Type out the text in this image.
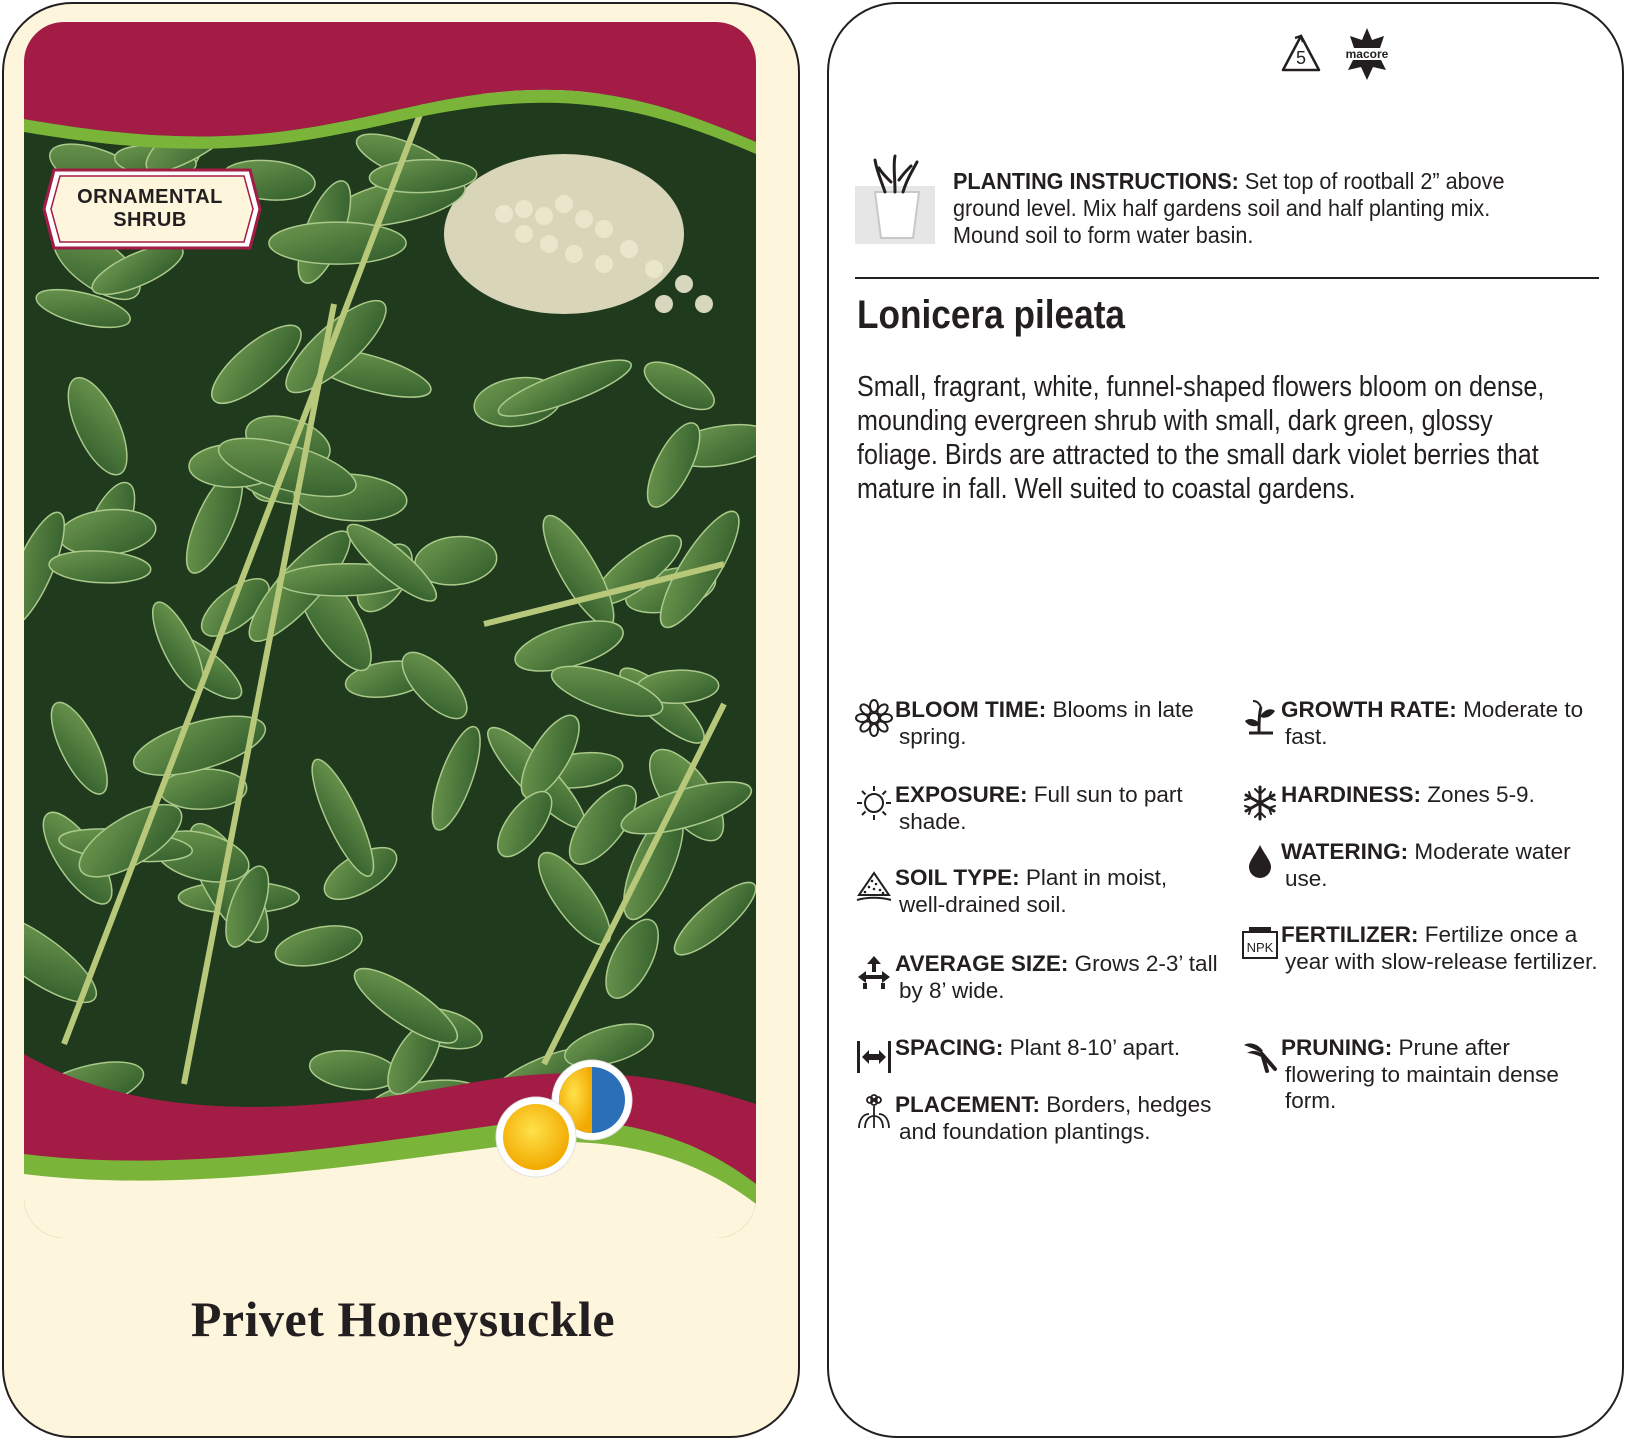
ORNAMENTAL
SHRUB
Privet Honeysuckle
5	macore
PLANTING INSTRUCTIONS: Set top of rootball 2” above ground level. Mix half gardens soil and half planting mix. Mound soil to form water basin.
Lonicera pileata
Small, fragrant, white, funnel-shaped flowers bloom on dense, mounding evergreen shrub with small, dark green, glossy foliage. Birds are attracted to the small dark violet berries that mature in fall. Well suited to coastal gardens.
BLOOM TIME: Blooms in late spring.
EXPOSURE: Full sun to part shade.
SOIL TYPE: Plant in moist, well-drained soil.
AVERAGE SIZE: Grows 2-3’ tall by 8’ wide.
SPACING: Plant 8-10’ apart.
PLACEMENT: Borders, hedges and foundation plantings.
GROWTH RATE: Moderate to fast.
HARDINESS: Zones 5-9.
WATERING: Moderate water use.
NPK
FERTILIZER: Fertilize once a year with slow-release fertilizer.
PRUNING: Prune after flowering to maintain dense form.
